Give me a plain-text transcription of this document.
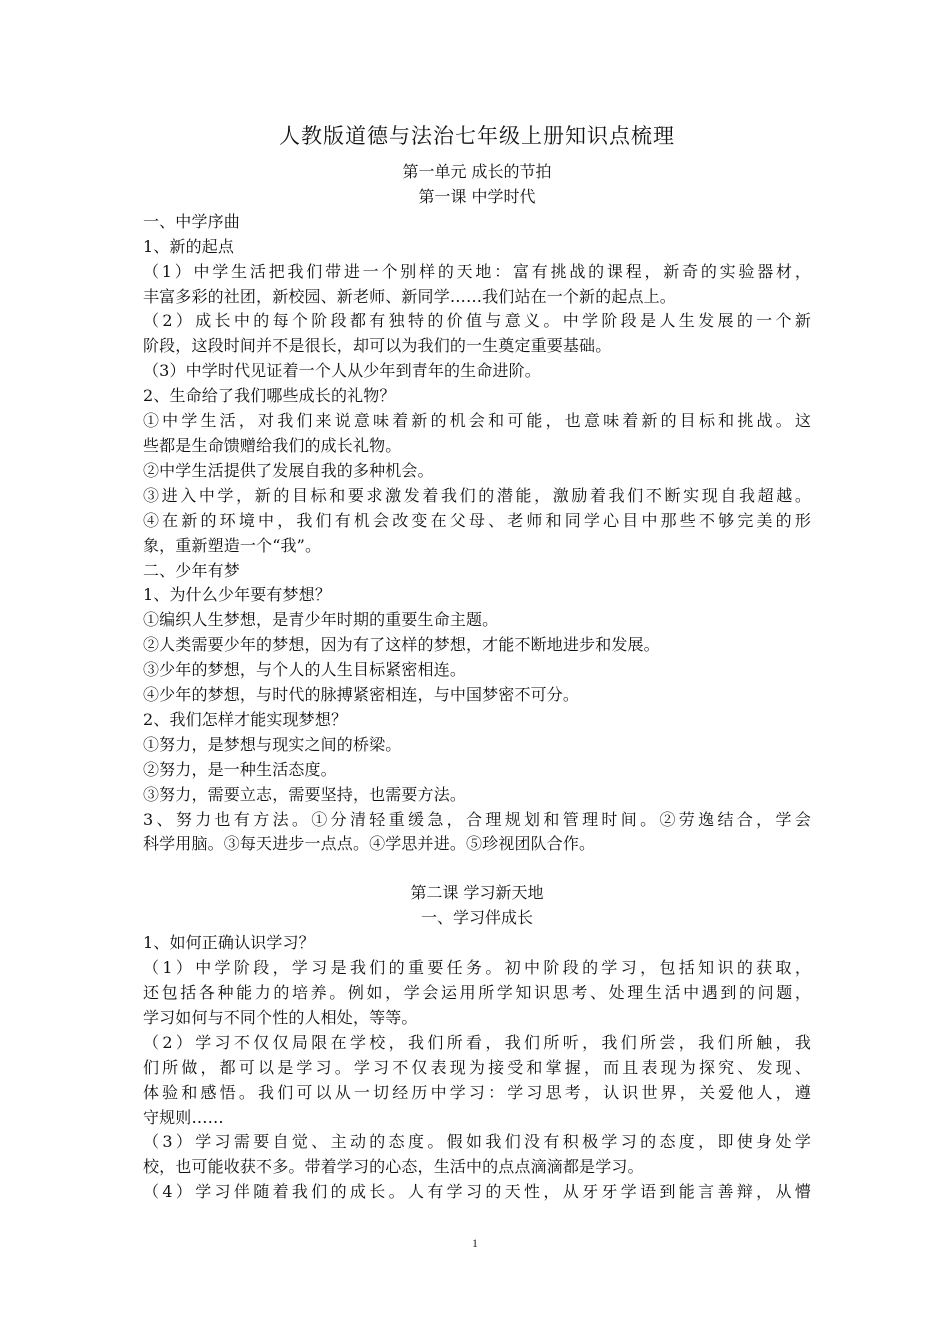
人教版道德与法治七年级上册知识点梳理
第一单元 成长的节拍
第一课 中学时代
一、中学序曲
1、新的起点
（1）中学生活把我们带进一个别样的天地：富有挑战的课程，新奇的实验器材，
丰富多彩的社团，新校园、新老师、新同学……我们站在一个新的起点上。
（2）成长中的每个阶段都有独特的价值与意义。中学阶段是人生发展的一个新
阶段，这段时间并不是很长，却可以为我们的一生奠定重要基础。
（3）中学时代见证着一个人从少年到青年的生命进阶。
2、生命给了我们哪些成长的礼物？
①中学生活，对我们来说意味着新的机会和可能，也意味着新的目标和挑战。这
些都是生命馈赠给我们的成长礼物。
②中学生活提供了发展自我的多种机会。
③进入中学，新的目标和要求激发着我们的潜能，激励着我们不断实现自我超越。
④在新的环境中，我们有机会改变在父母、老师和同学心目中那些不够完美的形
象，重新塑造一个“我”。
二、少年有梦
1、为什么少年要有梦想？
①编织人生梦想，是青少年时期的重要生命主题。
②人类需要少年的梦想，因为有了这样的梦想，才能不断地进步和发展。
③少年的梦想，与个人的人生目标紧密相连。
④少年的梦想，与时代的脉搏紧密相连，与中国梦密不可分。
2、我们怎样才能实现梦想？
①努力，是梦想与现实之间的桥梁。
②努力，是一种生活态度。
③努力，需要立志，需要坚持，也需要方法。
3、努力也有方法。①分清轻重缓急，合理规划和管理时间。②劳逸结合，学会
科学用脑。③每天进步一点点。④学思并进。⑤珍视团队合作。
第二课 学习新天地
一、学习伴成长
1、如何正确认识学习？
（1）中学阶段，学习是我们的重要任务。初中阶段的学习，包括知识的获取，
还包括各种能力的培养。例如，学会运用所学知识思考、处理生活中遇到的问题，
学习如何与不同个性的人相处，等等。
（2）学习不仅仅局限在学校，我们所看，我们所听，我们所尝，我们所触，我
们所做，都可以是学习。学习不仅表现为接受和掌握，而且表现为探究、发现、
体验和感悟。我们可以从一切经历中学习：学习思考，认识世界，关爱他人，遵
守规则……
（3）学习需要自觉、主动的态度。假如我们没有积极学习的态度，即使身处学
校，也可能收获不多。带着学习的心态，生活中的点点滴滴都是学习。
（4）学习伴随着我们的成长。人有学习的天性，从牙牙学语到能言善辩，从懵
1
